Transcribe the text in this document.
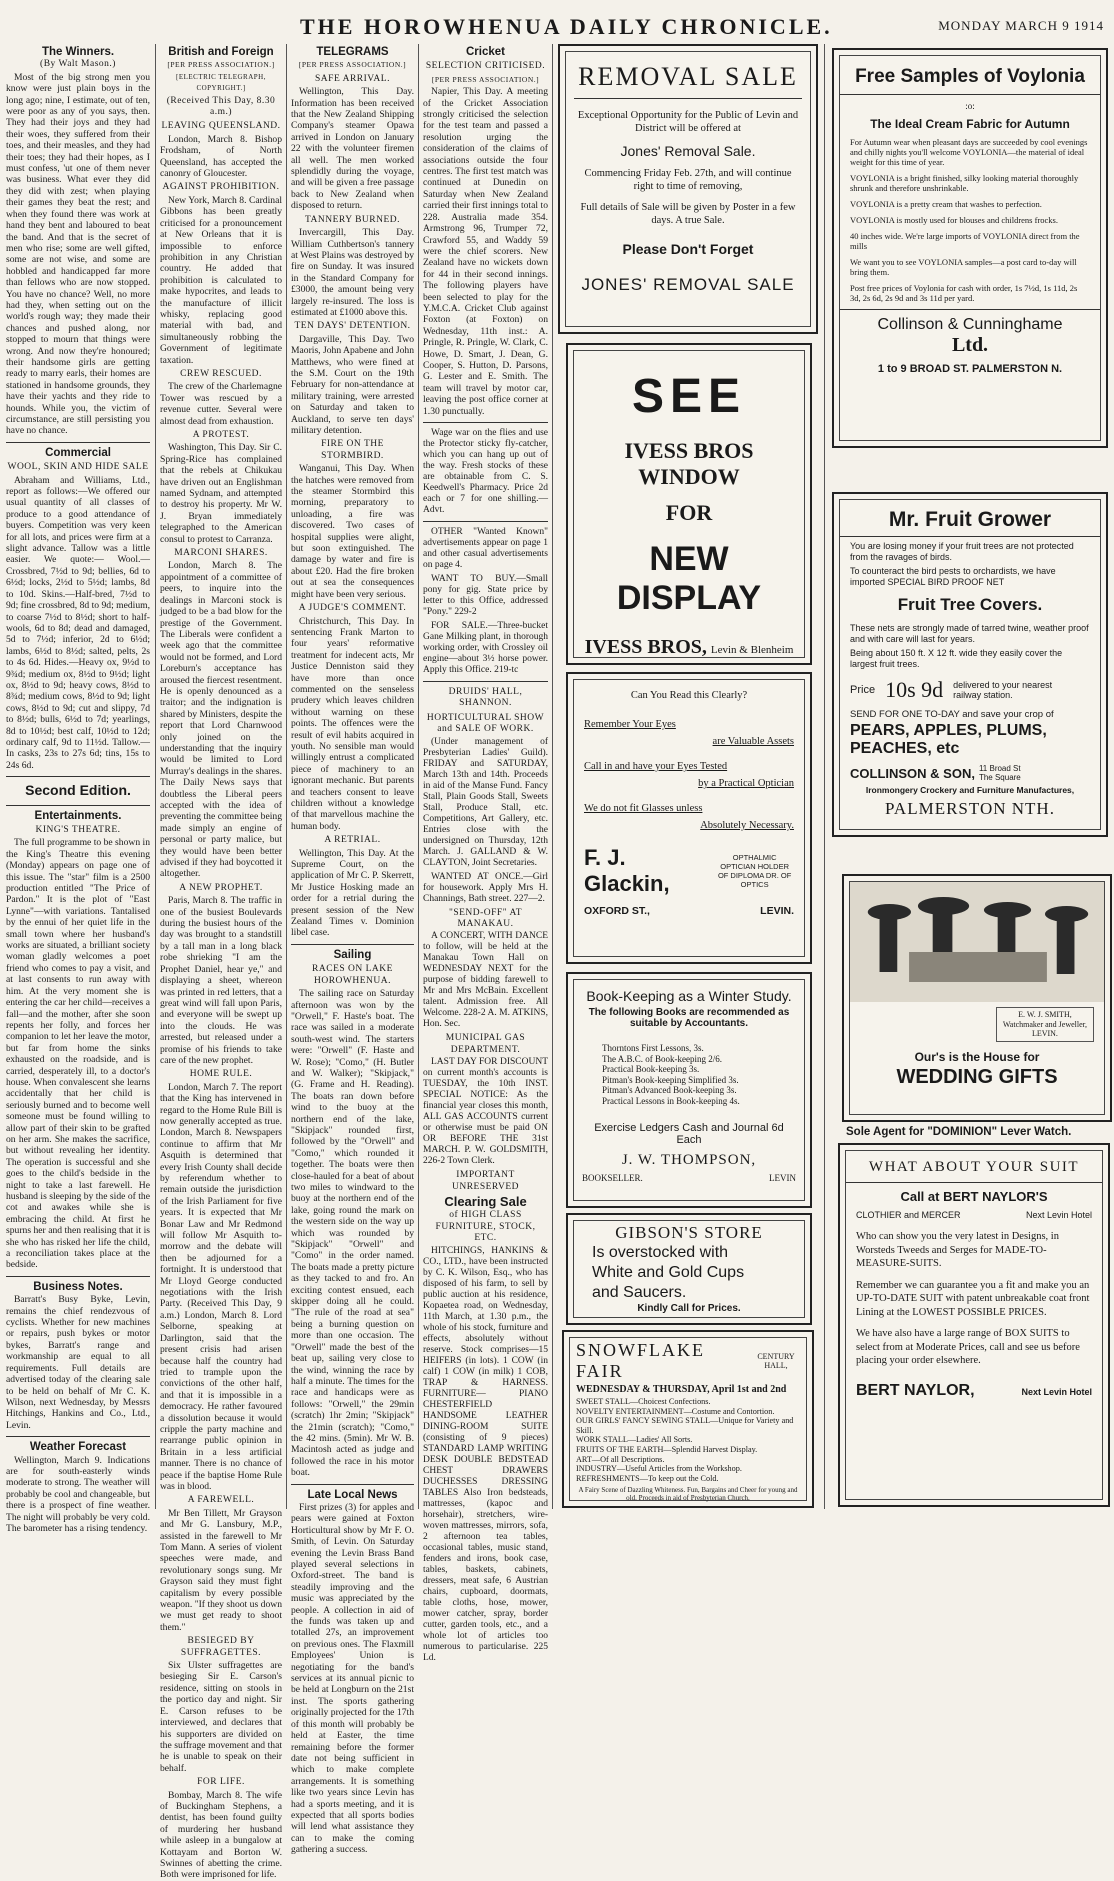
THE HOROWHENUA DAILY CHRONICLE.	MONDAY MARCH 9 1914
The Winners.
(By Walt Mason.)

Most of the big strong men you know were just plain boys in the long ago; nine, I estimate, out of ten, were poor as any of you says, then. They had their joys and they had their woes, they suffered from their toes, and their measles, and they had their toes; they had their hopes, as I must confess, 'ut one of them never was business. What ever they did they did with zest; when playing their games they beat the rest; and when they found there was work at hand they bent and laboured to beat the band. And that is the secret of men who rise; some are well gifted, some are not wise, and some are hobbled and handicapped far more than fellows who are now stopped. You have no chance? Well, no more had they, when setting out on the world's rough way; they made their chances and pushed along, nor stopped to mourn that things were wrong. And now they're honoured; their handsome girls are getting ready to marry earls, their homes are stationed in handsome grounds, they have their yachts and they ride to hounds. While you, the victim of circumstance, are still persisting you have no chance.

Commercial
WOOL, SKIN AND HIDE SALE

Abraham and Williams, Ltd., report as follows:—We offered our usual quantity of all classes of produce to a good attendance of buyers. Competition was very keen for all lots, and prices were firm at a slight advance. Tallow was a little easier. We quote:— Wool.—Crossbred, 7½d to 9d; bellies, 6d to 6½d; locks, 2½d to 5½d; lambs, 8d to 10d. Skins.—Half-bred, 7½d to 9d; fine crossbred, 8d to 9d; medium, to coarse 7½d to 8½d; short to half-wools, 6d to 8d; dead and damaged, 5d to 7½d; inferior, 2d to 6½d; lambs, 6½d to 8½d; salted, pelts, 2s to 4s 6d. Hides.—Heavy ox, 9½d to 9¾d; medium ox, 8½d to 9½d; light ox, 8½d to 9d; heavy cows, 8½d to 8¾d; medium cows, 8½d to 9d; light cows, 8½d to 9d; cut and slippy, 7d to 8½d; bulls, 6½d to 7d; yearlings, 8d to 10½d; best calf, 10½d to 12d; ordinary calf, 9d to 11½d. Tallow.—In casks, 23s to 27s 6d; tins, 15s to 24s 6d.

Second Edition.
Entertainments.
KING'S THEATRE.

The full programme to be shown in the King's Theatre this evening (Monday) appears on page one of this issue. The "star" film is a 2500 production entitled "The Price of Pardon." It is the plot of "East Lynne"—with variations. Tantalised by the ennui of her quiet life in the small town where her husband's works are situated, a brilliant society woman gladly welcomes a poet friend who comes to pay a visit, and at last consents to run away with him. At the very moment she is entering the car her child—receives a fall—and the mother, after she soon repents her folly, and forces her companion to let her leave the motor, but far from home the sinks exhausted on the roadside, and is carried, desperately ill, to a doctor's house. When convalescent she learns accidentally that her child is seriously burned and to become well someone must be found willing to allow part of their skin to be grafted on her arm. She makes the sacrifice, but without revealing her identity. The operation is successful and she goes to the child's bedside in the night to take a last farewell. He husband is sleeping by the side of the cot and awakes while she is embracing the child. At first he spurns her and then realising that it is she who has risked her life the child, a reconciliation takes place at the bedside.

Business Notes.

Barratt's Busy Byke, Levin, remains the chief rendezvous of cyclists. Whether for new machines or repairs, push bykes or motor bykes, Barratt's range and workmanship are equal to all requirements. Full details are advertised today of the clearing sale to be held on behalf of Mr C. K. Wilson, next Wednesday, by Messrs Hitchings, Hankins and Co., Ltd., Levin.

Weather Forecast

Wellington, March 9. Indications are for south-easterly winds moderate to strong. The weather will probably be cool and changeable, but there is a prospect of fine weather. The night will probably be very cold. The barometer has a rising tendency.

British and Foreign
[PER PRESS ASSOCIATION.]
[ELECTRIC TELEGRAPH, COPYRIGHT.]
(Received This Day, 8.30 a.m.)
LEAVING QUEENSLAND.

London, March 8. Bishop Frodsham, of North Queensland, has accepted the canonry of Gloucester.

AGAINST PROHIBITION.

New York, March 8. Cardinal Gibbons has been greatly criticised for a pronouncement at New Orleans that it is impossible to enforce prohibition in any Christian country. He added that prohibition is calculated to make hypocrites, and leads to the manufacture of illicit whisky, replacing good material with bad, and simultaneously robbing the Government of legitimate taxation.

CREW RESCUED.

The crew of the Charlemagne Tower was rescued by a revenue cutter. Several were almost dead from exhaustion.

A PROTEST.

Washington, This Day. Sir C. Spring-Rice has complained that the rebels at Chikukau have driven out an Englishman named Sydnam, and attempted to destroy his property. Mr W. J. Bryan immediately telegraphed to the American consul to protest to Carranza.

MARCONI SHARES.

London, March 8. The appointment of a committee of peers, to inquire into the dealings in Marconi stock is judged to be a bad blow for the prestige of the Government. The Liberals were confident a week ago that the committee would not be formed, and Lord Loreburn's acceptance has aroused the fiercest resentment. He is openly denounced as a traitor; and the indignation is shared by Ministers, despite the report that Lord Charnwood only joined on the understanding that the inquiry would be limited to Lord Murray's dealings in the shares. The Daily News says that doubtless the Liberal peers accepted with the idea of preventing the committee being made simply an engine of personal or party malice, but they would have been better advised if they had boycotted it altogether.

A NEW PROPHET.

Paris, March 8. The traffic in one of the busiest Boulevards during the busiest hours of the day was brought to a standstill by a tall man in a long black robe shrieking "I am the Prophet Daniel, hear ye," and displaying a sheet, whereon was printed in red letters, that a great wind will fall upon Paris, and everyone will be swept up into the clouds. He was arrested, but released under a promise of his friends to take care of the new prophet.

HOME RULE.

London, March 7. The report that the King has intervened in regard to the Home Rule Bill is now generally accepted as true. London, March 8. Newspapers continue to affirm that Mr Asquith is determined that every Irish County shall decide by referendum whether to remain outside the jurisdiction of the Irish Parliament for five years. It is expected that Mr Bonar Law and Mr Redmond will follow Mr Asquith to-morrow and the debate will then be adjourned for a fortnight. It is understood that Mr Lloyd George conducted negotiations with the Irish Party. (Received This Day, 9 a.m.) London, March 8. Lord Selborne, speaking at Darlington, said that the present crisis had arisen because half the country had tried to trample upon the convictions of the other half, and that it is impossible in a democracy. He rather favoured a dissolution because it would cripple the party machine and rearrange public opinion in Britain in a less artificial manner. There is no chance of peace if the baptise Home Rule was in blood.

A FAREWELL.

Mr Ben Tillett, Mr Grayson and Mr G. Lansbury, M.P., assisted in the farewell to Mr Tom Mann. A series of violent speeches were made, and revolutionary songs sung. Mr Grayson said they must fight capitalism by every possible weapon. "If they shoot us down we must get ready to shoot them."

BESIEGED BY SUFFRAGETTES.

Six Ulster suffragettes are besieging Sir E. Carson's residence, sitting on stools in the portico day and night. Sir E. Carson refuses to be interviewed, and declares that his supporters are divided on the suffrage movement and that he is unable to speak on their behalf.

FOR LIFE.

Bombay, March 8. The wife of Buckingham Stephens, a dentist, has been found guilty of murdering her husband while asleep in a bungalow at Kottayam and Borton W. Swinnes of abetting the crime. Both were imprisoned for life.

TELEGRAMS
[PER PRESS ASSOCIATION.]
SAFE ARRIVAL.

Wellington, This Day. Information has been received that the New Zealand Shipping Company's steamer Opawa arrived in London on January 22 with the volunteer firemen all well. The men worked splendidly during the voyage, and will be given a free passage back to New Zealand when disposed to return.

TANNERY BURNED.

Invercargill, This Day. William Cuthbertson's tannery at West Plains was destroyed by fire on Sunday. It was insured in the Standard Company for £3000, the amount being very largely re-insured. The loss is estimated at £1000 above this.

TEN DAYS' DETENTION.

Dargaville, This Day. Two Maoris, John Apabene and John Matthews, who were fined at the S.M. Court on the 19th February for non-attendance at military training, were arrested on Saturday and taken to Auckland, to serve ten days' military detention.

FIRE ON THE STORMBIRD.

Wanganui, This Day. When the hatches were removed from the steamer Stormbird this morning, preparatory to unloading, a fire was discovered. Two cases of hospital supplies were alight, but soon extinguished. The damage by water and fire is about £20. Had the fire broken out at sea the consequences might have been very serious.

A JUDGE'S COMMENT.

Christchurch, This Day. In sentencing Frank Marton to four years' reformative treatment for indecent acts, Mr Justice Denniston said they have more than once commented on the senseless prudery which leaves children without warning on these points. The offences were the result of evil habits acquired in youth. No sensible man would willingly entrust a complicated piece of machinery to an ignorant mechanic. But parents and teachers consent to leave children without a knowledge of that marvellous machine the human body.

A RETRIAL.

Wellington, This Day. At the Supreme Court, on the application of Mr C. P. Skerrett, Mr Justice Hosking made an order for a retrial during the present session of the New Zealand Times v. Dominion libel case.

Sailing
RACES ON LAKE HOROWHENUA.

The sailing race on Saturday afternoon was won by the "Orwell," F. Haste's boat. The race was sailed in a moderate south-west wind. The starters were: "Orwell" (F. Haste and W. Rose); "Como," (H. Butler and W. Walker); "Skipjack," (G. Frame and H. Reading). The boats ran down before wind to the buoy at the northern end of the lake, "Skipjack" rounded first, followed by the "Orwell" and "Como," which rounded it together. The boats were then close-hauled for a beat of about two miles to windward to the buoy at the northern end of the lake, going round the mark on the western side on the way up which was rounded by "Skipjack" "Orwell" and "Como" in the order named. The boats made a pretty picture as they tacked to and fro. An exciting contest ensued, each skipper doing all he could. "The rule of the road at sea" being a burning question on more than one occasion. The "Orwell" made the best of the beat up, sailing very close to the wind, winning the race by half a minute. The times for the race and handicaps were as follows: "Orwell," the 29min (scratch) 1hr 2min; "Skipjack" the 21min (scratch); "Como," the 42 mins. (5min). Mr W. B. Macintosh acted as judge and followed the race in his motor boat.

Late Local News

First prizes (3) for apples and pears were gained at Foxton Horticultural show by Mr F. O. Smith, of Levin. On Saturday evening the Levin Brass Band played several selections in Oxford-street. The band is steadily improving and the music was appreciated by the people. A collection in aid of the funds was taken up and totalled 27s, an improvement on previous ones. The Flaxmill Employees' Union is negotiating for the band's services at its annual picnic to be held at Longburn on the 21st inst. The sports gathering originally projected for the 17th of this month will probably be held at Easter, the time remaining before the former date not being sufficient in which to make complete arrangements. It is something like two years since Levin has had a sports meeting, and it is expected that all sports bodies will lend what assistance they can to make the coming gathering a success.

Cricket
SELECTION CRITICISED.
[PER PRESS ASSOCIATION.]

Napier, This Day. A meeting of the Cricket Association strongly criticised the selection for the test team and passed a resolution urging the consideration of the claims of associations outside the four centres. The first test match was continued at Dunedin on Saturday when New Zealand carried their first innings total to 228. Australia made 354. Armstrong 96, Trumper 72, Crawford 55, and Waddy 59 were the chief scorers. New Zealand have no wickets down for 44 in their second innings. The following players have been selected to play for the Y.M.C.A. Cricket Club against Foxton (at Foxton) on Wednesday, 11th inst.: A. Pringle, R. Pringle, W. Clark, C. Howe, D. Smart, J. Dean, G. Cooper, S. Hutton, D. Parsons, G. Lester and E. Smith. The team will travel by motor car, leaving the post office corner at 1.30 punctually.

Wage war on the flies and use the Protector sticky fly-catcher, which you can hang up out of the way. Fresh stocks of these are obtainable from C. S. Keedwell's Pharmacy. Price 2d each or 7 for one shilling.—Advt.

OTHER "Wanted Known" advertisements appear on page 1 and other casual advertisements on page 4.

WANT TO BUY.—Small pony for gig. State price by letter to this Office, addressed "Pony." 229-2

FOR SALE.—Three-bucket Gane Milking plant, in thorough working order, with Crossley oil engine—about 3½ horse power. Apply this Office. 219-tc

DRUIDS' HALL, SHANNON.
HORTICULTURAL SHOW and SALE OF WORK.

(Under management of Presbyterian Ladies' Guild). FRIDAY and SATURDAY, March 13th and 14th. Proceeds in aid of the Manse Fund. Fancy Stall, Plain Goods Stall, Sweets Stall, Produce Stall, etc. Competitions, Art Gallery, etc. Entries close with the undersigned on Thursday, 12th March. J. GALLAND & W. CLAYTON, Joint Secretaries.

WANTED AT ONCE.—Girl for housework. Apply Mrs H. Channings, Bath street. 227—2.

"SEND-OFF" AT MANAKAU.

A CONCERT, WITH DANCE to follow, will be held at the Manakau Town Hall on WEDNESDAY NEXT for the purpose of bidding farewell to Mr and Mrs McBain. Excellent talent. Admission free. All Welcome. 228-2 A. M. ATKINS, Hon. Sec.

MUNICIPAL GAS DEPARTMENT.

LAST DAY FOR DISCOUNT on current month's accounts is TUESDAY, the 10th INST. SPECIAL NOTICE: As the financial year closes this month, ALL GAS ACCOUNTS current or otherwise must be paid ON OR BEFORE THE 31st MARCH. P. W. GOLDSMITH, 226-2 Town Clerk.

IMPORTANT UNRESERVED
Clearing Sale
of HIGH CLASS FURNITURE, STOCK, ETC.

HITCHINGS, HANKINS & CO., LTD., have been instructed by C. K. Wilson, Esq., who has disposed of his farm, to sell by public auction at his residence, Kopaetea road, on Wednesday, 11th March, at 1.30 p.m., the whole of his stock, furniture and effects, absolutely without reserve. Stock comprises—15 HEIFERS (in lots). 1 COW (in calf) 1 COW (in milk) 1 COB, TRAP & HARNESS. FURNITURE— PIANO CHESTERFIELD HANDSOME LEATHER DINING-ROOM SUITE (consisting of 9 pieces) STANDARD LAMP WRITING DESK DOUBLE BEDSTEAD CHEST DRAWERS DUCHESSES DRESSING TABLES Also Iron bedsteads, mattresses, (kapoc and horsehair), stretchers, wire-woven mattresses, mirrors, sofa, 2 afternoon tea tables, occasional tables, music stand, fenders and irons, book case, tables, baskets, cabinets, dressers, meat safe, 6 Austrian chairs, cupboard, doormats, table cloths, hose, mower, mower catcher, spray, border cutter, garden tools, etc., and a whole lot of articles too numerous to particularise. 225 Ld.

REMOVAL SALE
Exceptional Opportunity for the Public of Levin and District will be offered at
Jones' Removal Sale.
Commencing Friday Feb. 27th, and will continue right to time of removing,
Full details of Sale will be given by Poster in a few days. A true Sale.
Please Don't Forget
JONES' REMOVAL SALE
SEE
IVESS BROS WINDOW
FOR
NEW DISPLAY
IVESS BROS, Levin & Blenheim
Can You Read this Clearly?
Remember Your Eyes
are Valuable Assets
Call in and have your Eyes Tested
by a Practical Optician
We do not fit Glasses unless
Absolutely Necessary.
F. J. Glackin,
OPTHALMIC OPTICIAN HOLDER OF DIPLOMA DR. OF OPTICS
OXFORD ST.,	LEVIN.
Book-Keeping as a Winter Study.
The following Books are recommended as suitable by Accountants.
Thorntons First Lessons, 3s.
The A.B.C. of Book-keeping 2/6.
Practical Book-keeping 3s.
Pitman's Book-keeping Simplified 3s.
Pitman's Advanced Book-keeping 3s.
Practical Lessons in Book-keeping 4s.
Exercise Ledgers Cash and Journal 6d Each
J. W. THOMPSON,
BOOKSELLER.	LEVIN
GIBSON'S STORE
Is overstocked with
White and Gold Cups
and Saucers.
Kindly Call for Prices.
SNOWFLAKE FAIR
CENTURY HALL,
WEDNESDAY & THURSDAY, April 1st and 2nd
SWEET STALL—Choicest Confections.
NOVELTY ENTERTAINMENT—Costume and Contortion.
OUR GIRLS' FANCY SEWING STALL—Unique for Variety and Skill.
WORK STALL—Ladies' All Sorts.
FRUITS OF THE EARTH—Splendid Harvest Display.
ART—Of all Descriptions.
INDUSTRY—Useful Articles from the Workshop.
REFRESHMENTS—To keep out the Cold.
A Fairy Scene of Dazzling Whiteness. Fun, Bargains and Cheer for young and old. Proceeds in aid of Presbyterian Church.
Free Samples of Voylonia
:o:
The Ideal Cream Fabric for Autumn

For Autumn wear when pleasant days are succeeded by cool evenings and chilly nights you'll welcome VOYLONIA—the material of ideal weight for this time of year.

VOYLONIA is a bright finished, silky looking material thoroughly shrunk and therefore unshrinkable.

VOYLONIA is a pretty cream that washes to perfection.

VOYLONIA is mostly used for blouses and childrens frocks.

40 inches wide. We're large imports of VOYLONIA direct from the mills

We want you to see VOYLONIA samples—a post card to-day will bring them.

Post free prices of Voylonia for cash with order, 1s 7½d, 1s 11d, 2s 3d, 2s 6d, 2s 9d and 3s 11d per yard.

Collinson & Cunninghame
Ltd.
1 to 9 BROAD ST. PALMERSTON N.
Mr. Fruit Grower
You are losing money if your fruit trees are not protected from the ravages of birds.
To counteract the bird pests to orchardists, we have imported SPECIAL BIRD PROOF NET
Fruit Tree Covers.
These nets are strongly made of tarred twine, weather proof and with care will last for years.
Being about 150 ft. X 12 ft. wide they easily cover the largest fruit trees.
Price 10s 9d delivered to your nearest railway station.
SEND FOR ONE TO-DAY and save your crop of
PEARS, APPLES, PLUMS,
PEACHES, etc
COLLINSON & SON, 11 Broad St
The Square
Ironmongery Crockery and Furniture Manufactures,
PALMERSTON NTH.
E. W. J. SMITH,
Watchmaker and Jeweller,
LEVIN.
Our's is the House for
WEDDING GIFTS
Sole Agent for "DOMINION" Lever Watch.
WHAT ABOUT YOUR SUIT
Call at BERT NAYLOR'S
CLOTHIER and MERCER	Next Levin Hotel
Who can show you the very latest in Designs, in Worsteds Tweeds and Serges for MADE-TO-MEASURE-SUITS.
Remember we can guarantee you a fit and make you an UP-TO-DATE SUIT with patent unbreakable coat front Lining at the LOWEST POSSIBLE PRICES.
We have also have a large range of BOX SUITS to select from at Moderate Prices, call and see us before placing your order elsewhere.
BERT NAYLOR,	Next Levin Hotel
